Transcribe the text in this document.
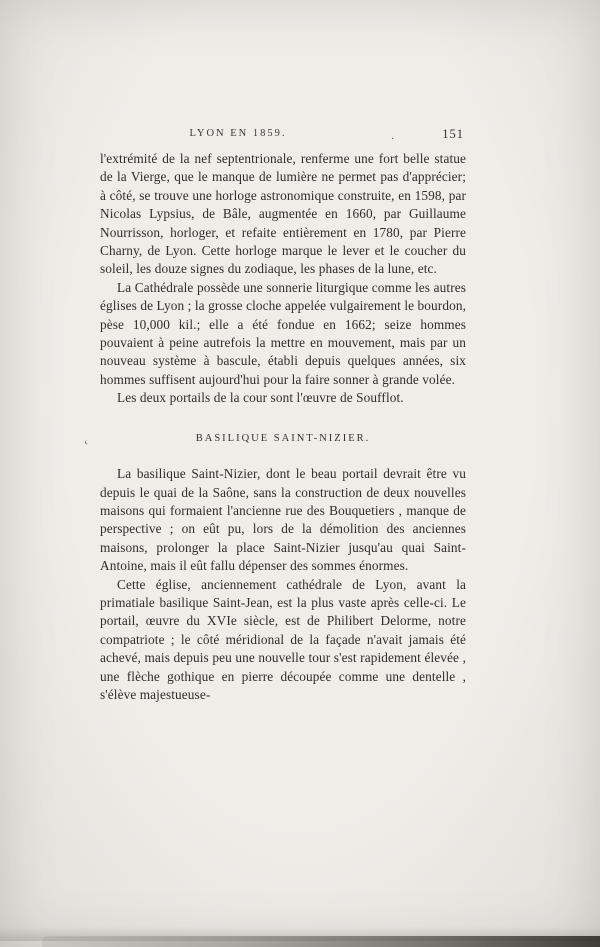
LYON EN 1859.	.	151

l'extrémité de la nef septentrionale, renferme une fort belle statue de la Vierge, que le manque de lumière ne permet pas d'apprécier; à côté, se trouve une horloge astronomique construite, en 1598, par Nicolas Lypsius, de Bâle, augmentée en 1660, par Guillaume Nourrisson, horloger, et refaite entièrement en 1780, par Pierre Charny, de Lyon. Cette horloge marque le lever et le coucher du soleil, les douze signes du zodiaque, les phases de la lune, etc.

La Cathédrale possède une sonnerie liturgique comme les autres églises de Lyon ; la grosse cloche appelée vulgairement le bourdon, pèse 10,000 kil.; elle a été fondue en 1662; seize hommes pouvaient à peine autrefois la mettre en mouvement, mais par un nouveau système à bascule, établi depuis quelques années, six hommes suffisent aujourd'hui pour la faire sonner à grande volée.

Les deux portails de la cour sont l'œuvre de Soufflot.

BASILIQUE SAINT-NIZIER.

La basilique Saint-Nizier, dont le beau portail devrait être vu depuis le quai de la Saône, sans la construction de deux nouvelles maisons qui formaient l'ancienne rue des Bouquetiers , manque de perspective ; on eût pu, lors de la démolition des anciennes maisons, prolonger la place Saint-Nizier jusqu'au quai Saint-Antoine, mais il eût fallu dépenser des sommes énormes.

Cette église, anciennement cathédrale de Lyon, avant la primatiale basilique Saint-Jean, est la plus vaste après celle-ci. Le portail, œuvre du XVIe siècle, est de Philibert Delorme, notre compatriote ; le côté méridional de la façade n'avait jamais été achevé, mais depuis peu une nouvelle tour s'est rapidement élevée , une flèche gothique en pierre découpée comme une dentelle , s'élève majestueuse-

‹
